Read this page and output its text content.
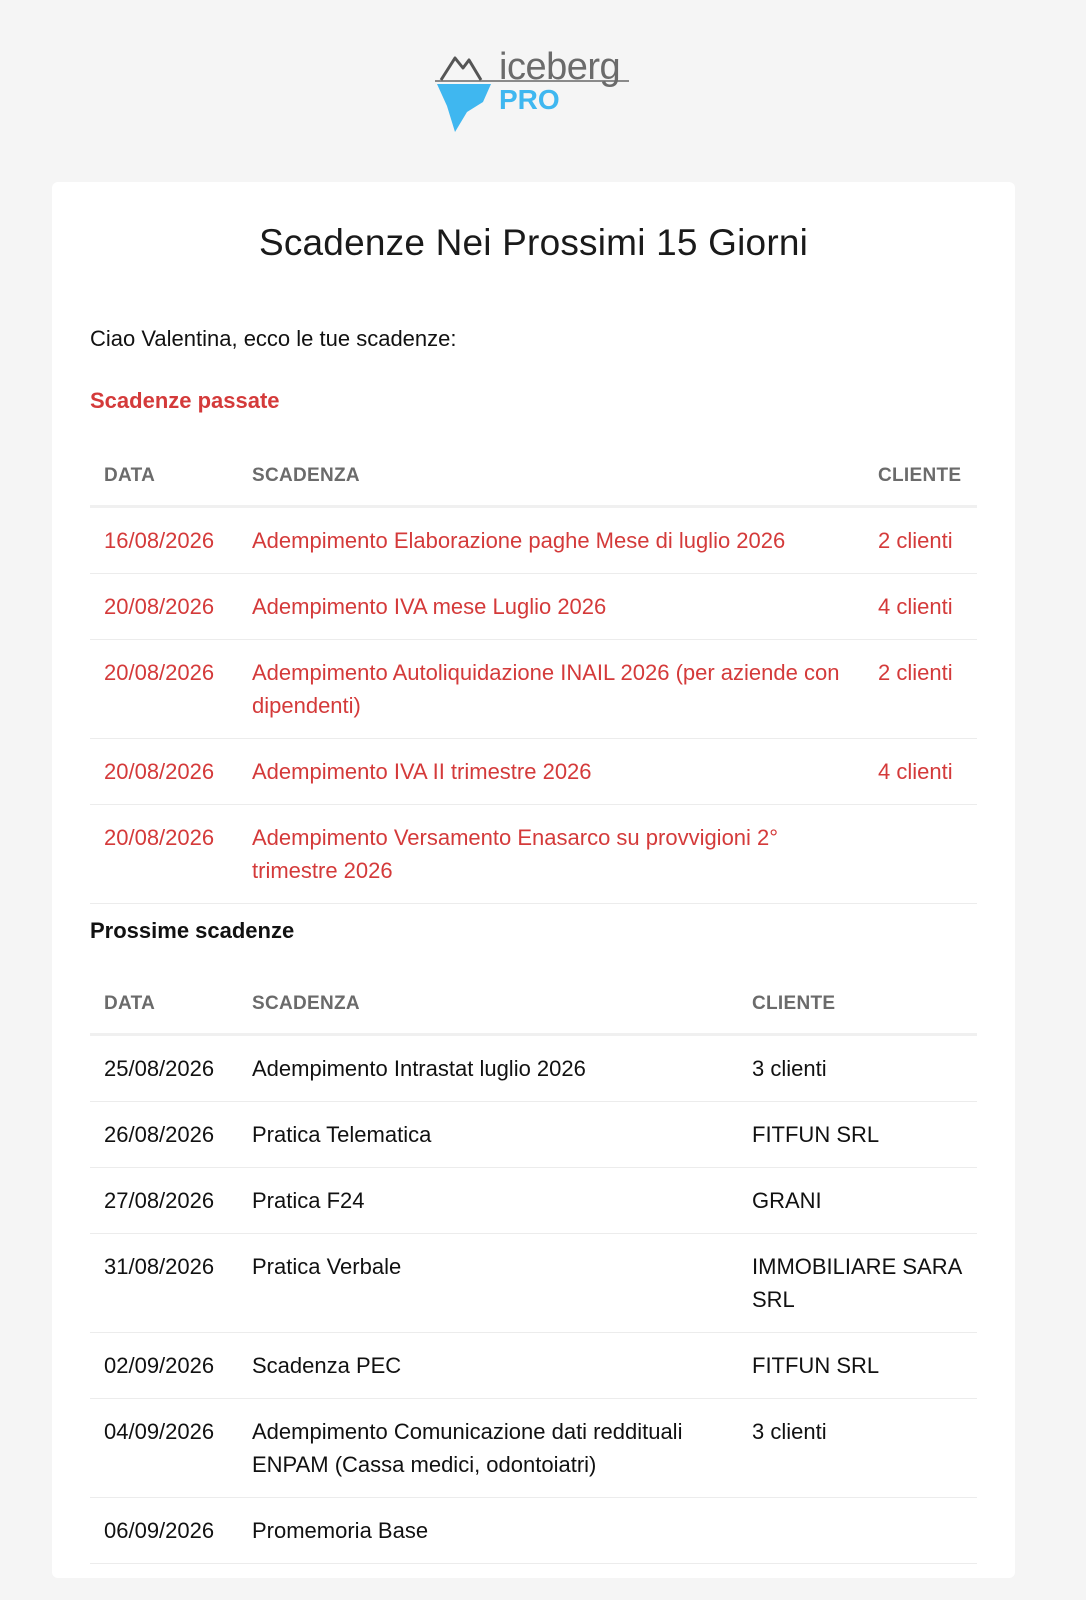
iceberg
PRO
Scadenze Nei Prossimi 15 Giorni

Ciao Valentina, ecco le tue scadenze:

Scadenze passate
DATA	SCADENZA	CLIENTE
16/08/2026	Adempimento Elaborazione paghe Mese di luglio 2026	2 clienti
20/08/2026	Adempimento IVA mese Luglio 2026	4 clienti
20/08/2026	Adempimento Autoliquidazione INAIL 2026 (per aziende con dipendenti)	2 clienti
20/08/2026	Adempimento IVA II trimestre 2026	4 clienti
20/08/2026	Adempimento Versamento Enasarco su provvigioni 2° trimestre 2026	
Prossime scadenze
DATA	SCADENZA	CLIENTE
25/08/2026	Adempimento Intrastat luglio 2026	3 clienti
26/08/2026	Pratica Telematica	FITFUN SRL
27/08/2026	Pratica F24	GRANI
31/08/2026	Pratica Verbale	IMMOBILIARE SARA SRL
02/09/2026	Scadenza PEC	FITFUN SRL
04/09/2026	Adempimento Comunicazione dati reddituali ENPAM (Cassa medici, odontoiatri)	3 clienti
06/09/2026	Promemoria Base	
